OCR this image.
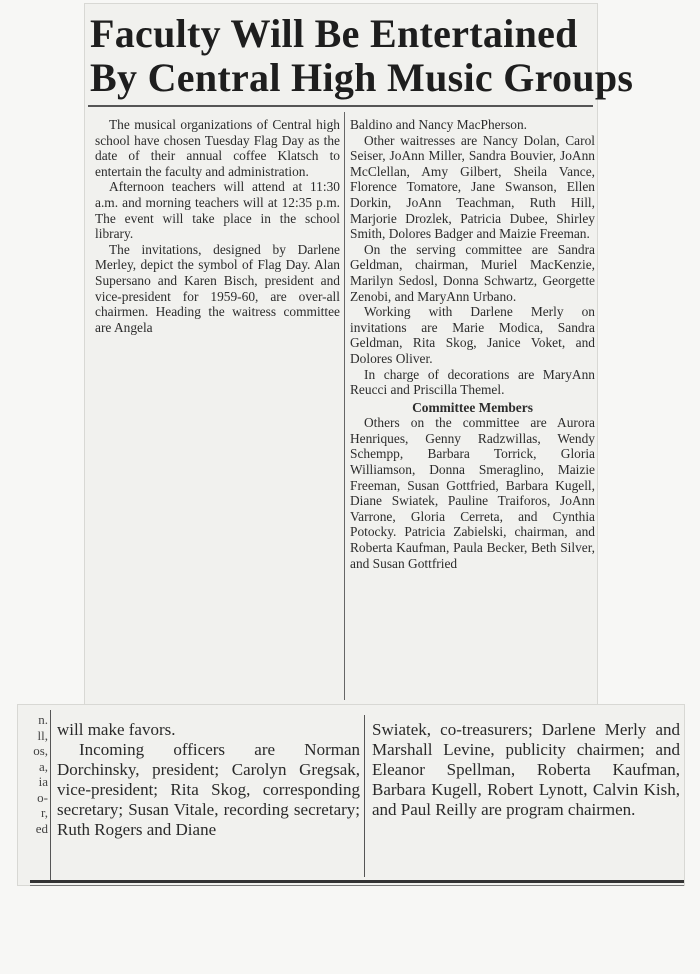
Faculty Will Be Entertained
By Central High Music Groups

The musical organizations of Central high school have chosen Tuesday Flag Day as the date of their annual coffee Klatsch to entertain the faculty and administration.

Afternoon teachers will attend at 11:30 a.m. and morning teachers will at 12:35 p.m. The event will take place in the school library.

The invitations, designed by Darlene Merley, depict the symbol of Flag Day. Alan Supersano and Karen Bisch, president and vice-president for 1959-60, are over-all chairmen. Heading the waitress committee are Angela

Baldino and Nancy MacPherson.

Other waitresses are Nancy Dolan, Carol Seiser, JoAnn Miller, Sandra Bouvier, JoAnn McClellan, Amy Gilbert, Sheila Vance, Florence Tomatore, Jane Swanson, Ellen Dorkin, JoAnn Teachman, Ruth Hill, Marjorie Drozlek, Patricia Dubee, Shirley Smith, Dolores Badger and Maizie Freeman.

On the serving committee are Sandra Geldman, chairman, Muriel MacKenzie, Marilyn Sedosl, Donna Schwartz, Georgette Zenobi, and MaryAnn Urbano.

Working with Darlene Merly on invitations are Marie Modica, Sandra Geldman, Rita Skog, Janice Voket, and Dolores Oliver.

In charge of decorations are MaryAnn Reucci and Priscilla Themel.

Committee Members

Others on the committee are Aurora Henriques, Genny Radzwillas, Wendy Schempp, Barbara Torrick, Gloria Williamson, Donna Smeraglino, Maizie Freeman, Susan Gottfried, Barbara Kugell, Diane Swiatek, Pauline Traiforos, JoAnn Varrone, Gloria Cerreta, and Cynthia Potocky. Patricia Zabielski, chairman, and Roberta Kaufman, Paula Becker, Beth Silver, and Susan Gottfried

n.
ll,
os,
a,
ia
o-
r,
ed

will make favors.

Incoming officers are Norman Dorchinsky, president; Carolyn Gregsak, vice-president; Rita Skog, corresponding secretary; Susan Vitale, recording secretary; Ruth Rogers and Diane

Swiatek, co-treasurers; Darlene Merly and Marshall Levine, publicity chairmen; and Eleanor Spellman, Roberta Kaufman, Barbara Kugell, Robert Lynott, Calvin Kish, and Paul Reilly are program chairmen.
